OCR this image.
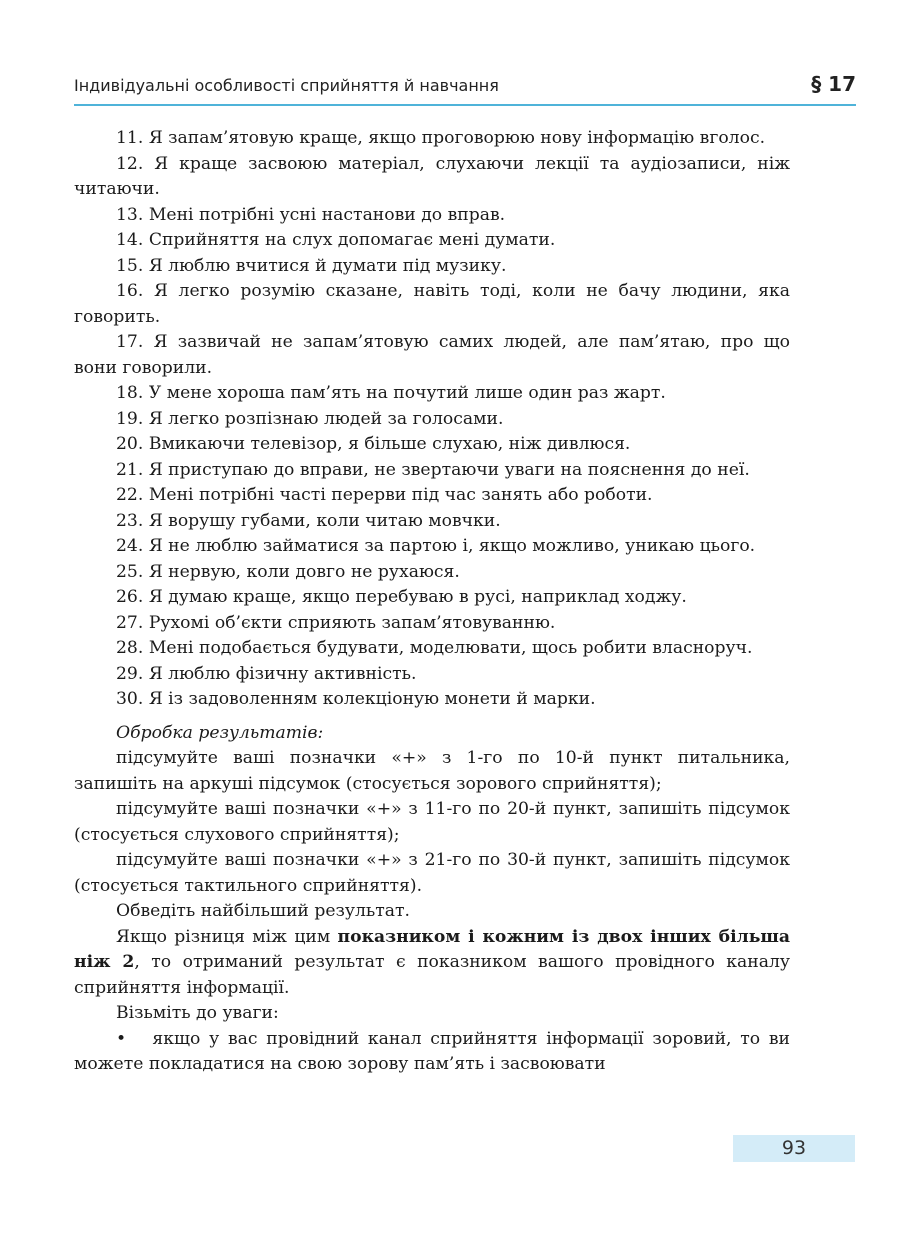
Індивідуальні особливості сприйняття й навчання	§ 17

11. Я запам’ятовую краще, якщо проговорюю нову інформацію вголос.

12. Я краще засвоюю матеріал, слухаючи лекції та аудіозаписи, ніж читаючи.

13. Мені потрібні усні настанови до вправ.

14. Сприйняття на слух допомагає мені думати.

15. Я люблю вчитися й думати під музику.

16. Я легко розумію сказане, навіть тоді, коли не бачу людини, яка говорить.

17. Я зазвичай не запам’ятовую самих людей, але пам’ятаю, про що вони говорили.

18. У мене хороша пам’ять на почутий лише один раз жарт.

19. Я легко розпізнаю людей за голосами.

20. Вмикаючи телевізор, я більше слухаю, ніж дивлюся.

21. Я приступаю до вправи, не звертаючи уваги на пояснення до неї.

22. Мені потрібні часті перерви під час занять або роботи.

23. Я ворушу губами, коли читаю мовчки.

24. Я не люблю займатися за партою і, якщо можливо, уникаю цього.

25. Я нервую, коли довго не рухаюся.

26. Я думаю краще, якщо перебуваю в русі, наприклад ходжу.

27. Рухомі об’єкти сприяють запам’ятовуванню.

28. Мені подобається будувати, моделювати, щось робити власноруч.

29. Я люблю фізичну активність.

30. Я із задоволенням колекціоную монети й марки.

Обробка результатів:

підсумуйте ваші позначки «+» з 1-го по 10-й пункт питальника, запишіть на аркуші підсумок (стосується зорового сприйняття);

підсумуйте ваші позначки «+» з 11-го по 20-й пункт, запишіть підсумок (стосується слухового сприйняття);

підсумуйте ваші позначки «+» з 21-го по 30-й пункт, запишіть підсумок (стосується тактильного сприйняття).

Обведіть найбільший результат.

Якщо різниця між цим показником і кожним із двох інших більша ніж 2, то отриманий результат є показником вашого провідного каналу сприйняття інформації.

Візьміть до уваги:

• якщо у вас провідний канал сприйняття інформації зоровий, то ви можете покладатися на свою зорову пам’ять і засвоювати

93
